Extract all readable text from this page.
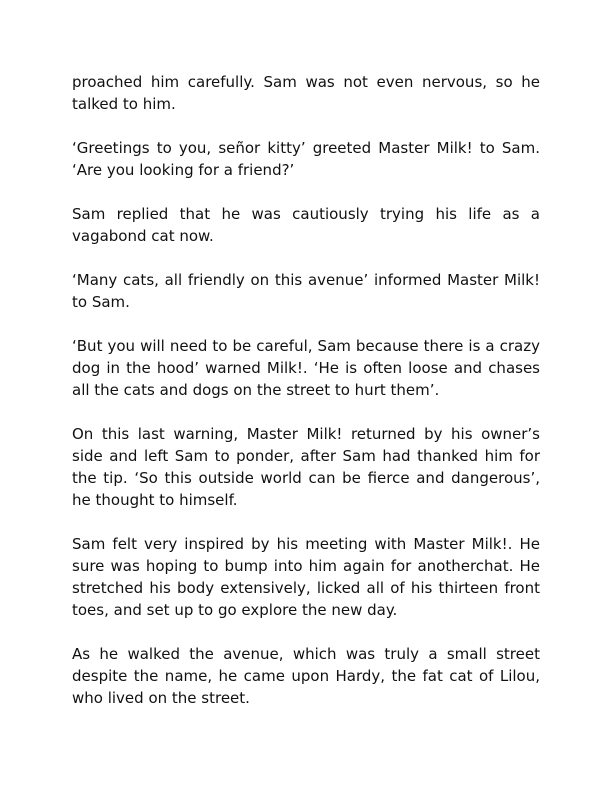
proached him carefully. Sam was not even nervous, so he talked to him.

‘Greetings to you, señor kitty’ greeted Master Milk! to Sam. ‘Are you looking for a friend?’

Sam replied that he was cautiously trying his life as a vagabond cat now.

‘Many cats, all friendly on this avenue’ informed Master Milk! to Sam.

‘But you will need to be careful, Sam because there is a crazy dog in the hood’ warned Milk!. ‘He is often loose and chases all the cats and dogs on the street to hurt them’.

On this last warning, Master Milk! returned by his owner’s side and left Sam to ponder, after Sam had thanked him for the tip. ‘So this outside world can be fierce and dangerous’, he thought to himself.

Sam felt very inspired by his meeting with Master Milk!. He sure was hoping to bump into him again for anotherchat. He stretched his body extensively, licked all of his thirteen front toes, and set up to go explore the new day.

As he walked the avenue, which was truly a small street despite the name, he came upon Hardy, the fat cat of Lilou, who lived on the street.
